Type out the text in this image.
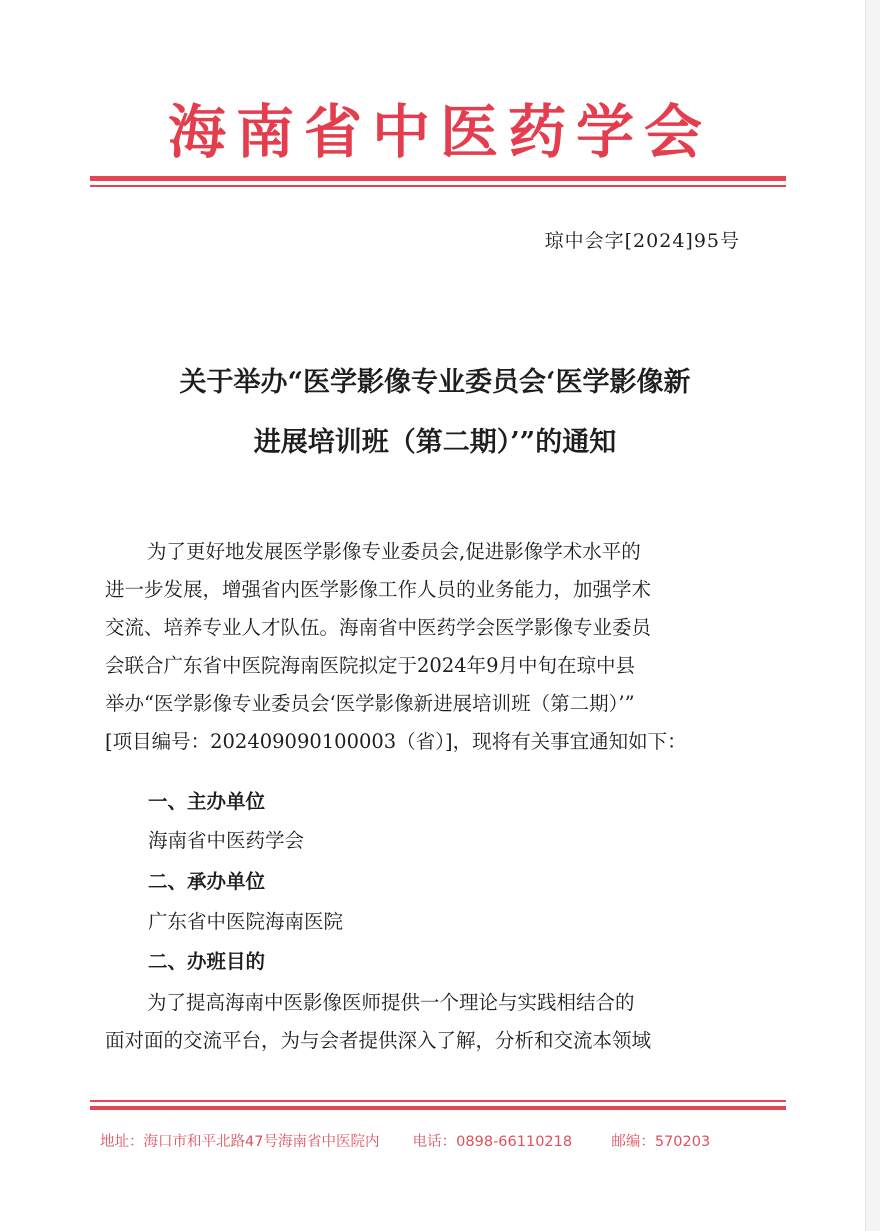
海南省中医药学会
琼中会字[2024]95号
关于举办“医学影像专业委员会‘医学影像新
进展培训班（第二期）’”的通知
为了更好地发展医学影像专业委员会,促进影像学术水平的
进一步发展，增强省内医学影像工作人员的业务能力，加强学术
交流、培养专业人才队伍。海南省中医药学会医学影像专业委员
会联合广东省中医院海南医院拟定于2024年9月中旬在琼中县
举办“医学影像专业委员会‘医学影像新进展培训班（第二期）’”
[项目编号：202409090100003（省）]，现将有关事宜通知如下：
一、主办单位
海南省中医药学会
二、承办单位
广东省中医院海南医院
二、办班目的
为了提高海南中医影像医师提供一个理论与实践相结合的
面对面的交流平台，为与会者提供深入了解，分析和交流本领域
地址：海口市和平北路47号海南省中医院内 电话：0898-66110218	邮编：570203
